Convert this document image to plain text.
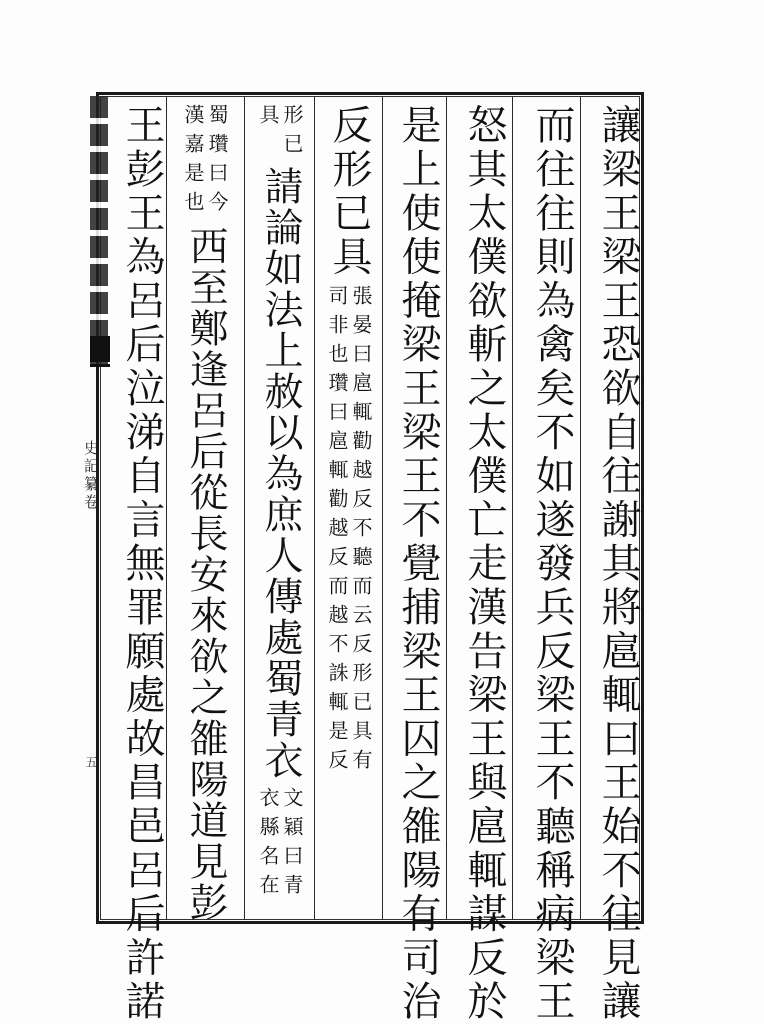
史記纂卷
五	讓梁王梁王恐欲自往謝其將扈輒曰王始不往見讓
而往往則為禽矣不如遂發兵反梁王不聽稱病梁王
怒其太僕欲斬之太僕亡走漢告梁王與扈輒謀反於
是上使使掩梁王梁王不覺捕梁王囚之雒陽有司治
反形已具
張晏曰扈輒勸越反不聽而云反形已具有
司非也瓚曰扈輒勸越反而越不誅輒是反
形已
具
請論如法上赦以為庶人傳處蜀青衣
文穎曰青
衣縣名在
蜀瓚曰今
漢嘉是也
西至鄭逢呂后從長安來欲之雒陽道見彭
王彭王為呂后泣涕自言無罪願處故昌邑呂后許諾
